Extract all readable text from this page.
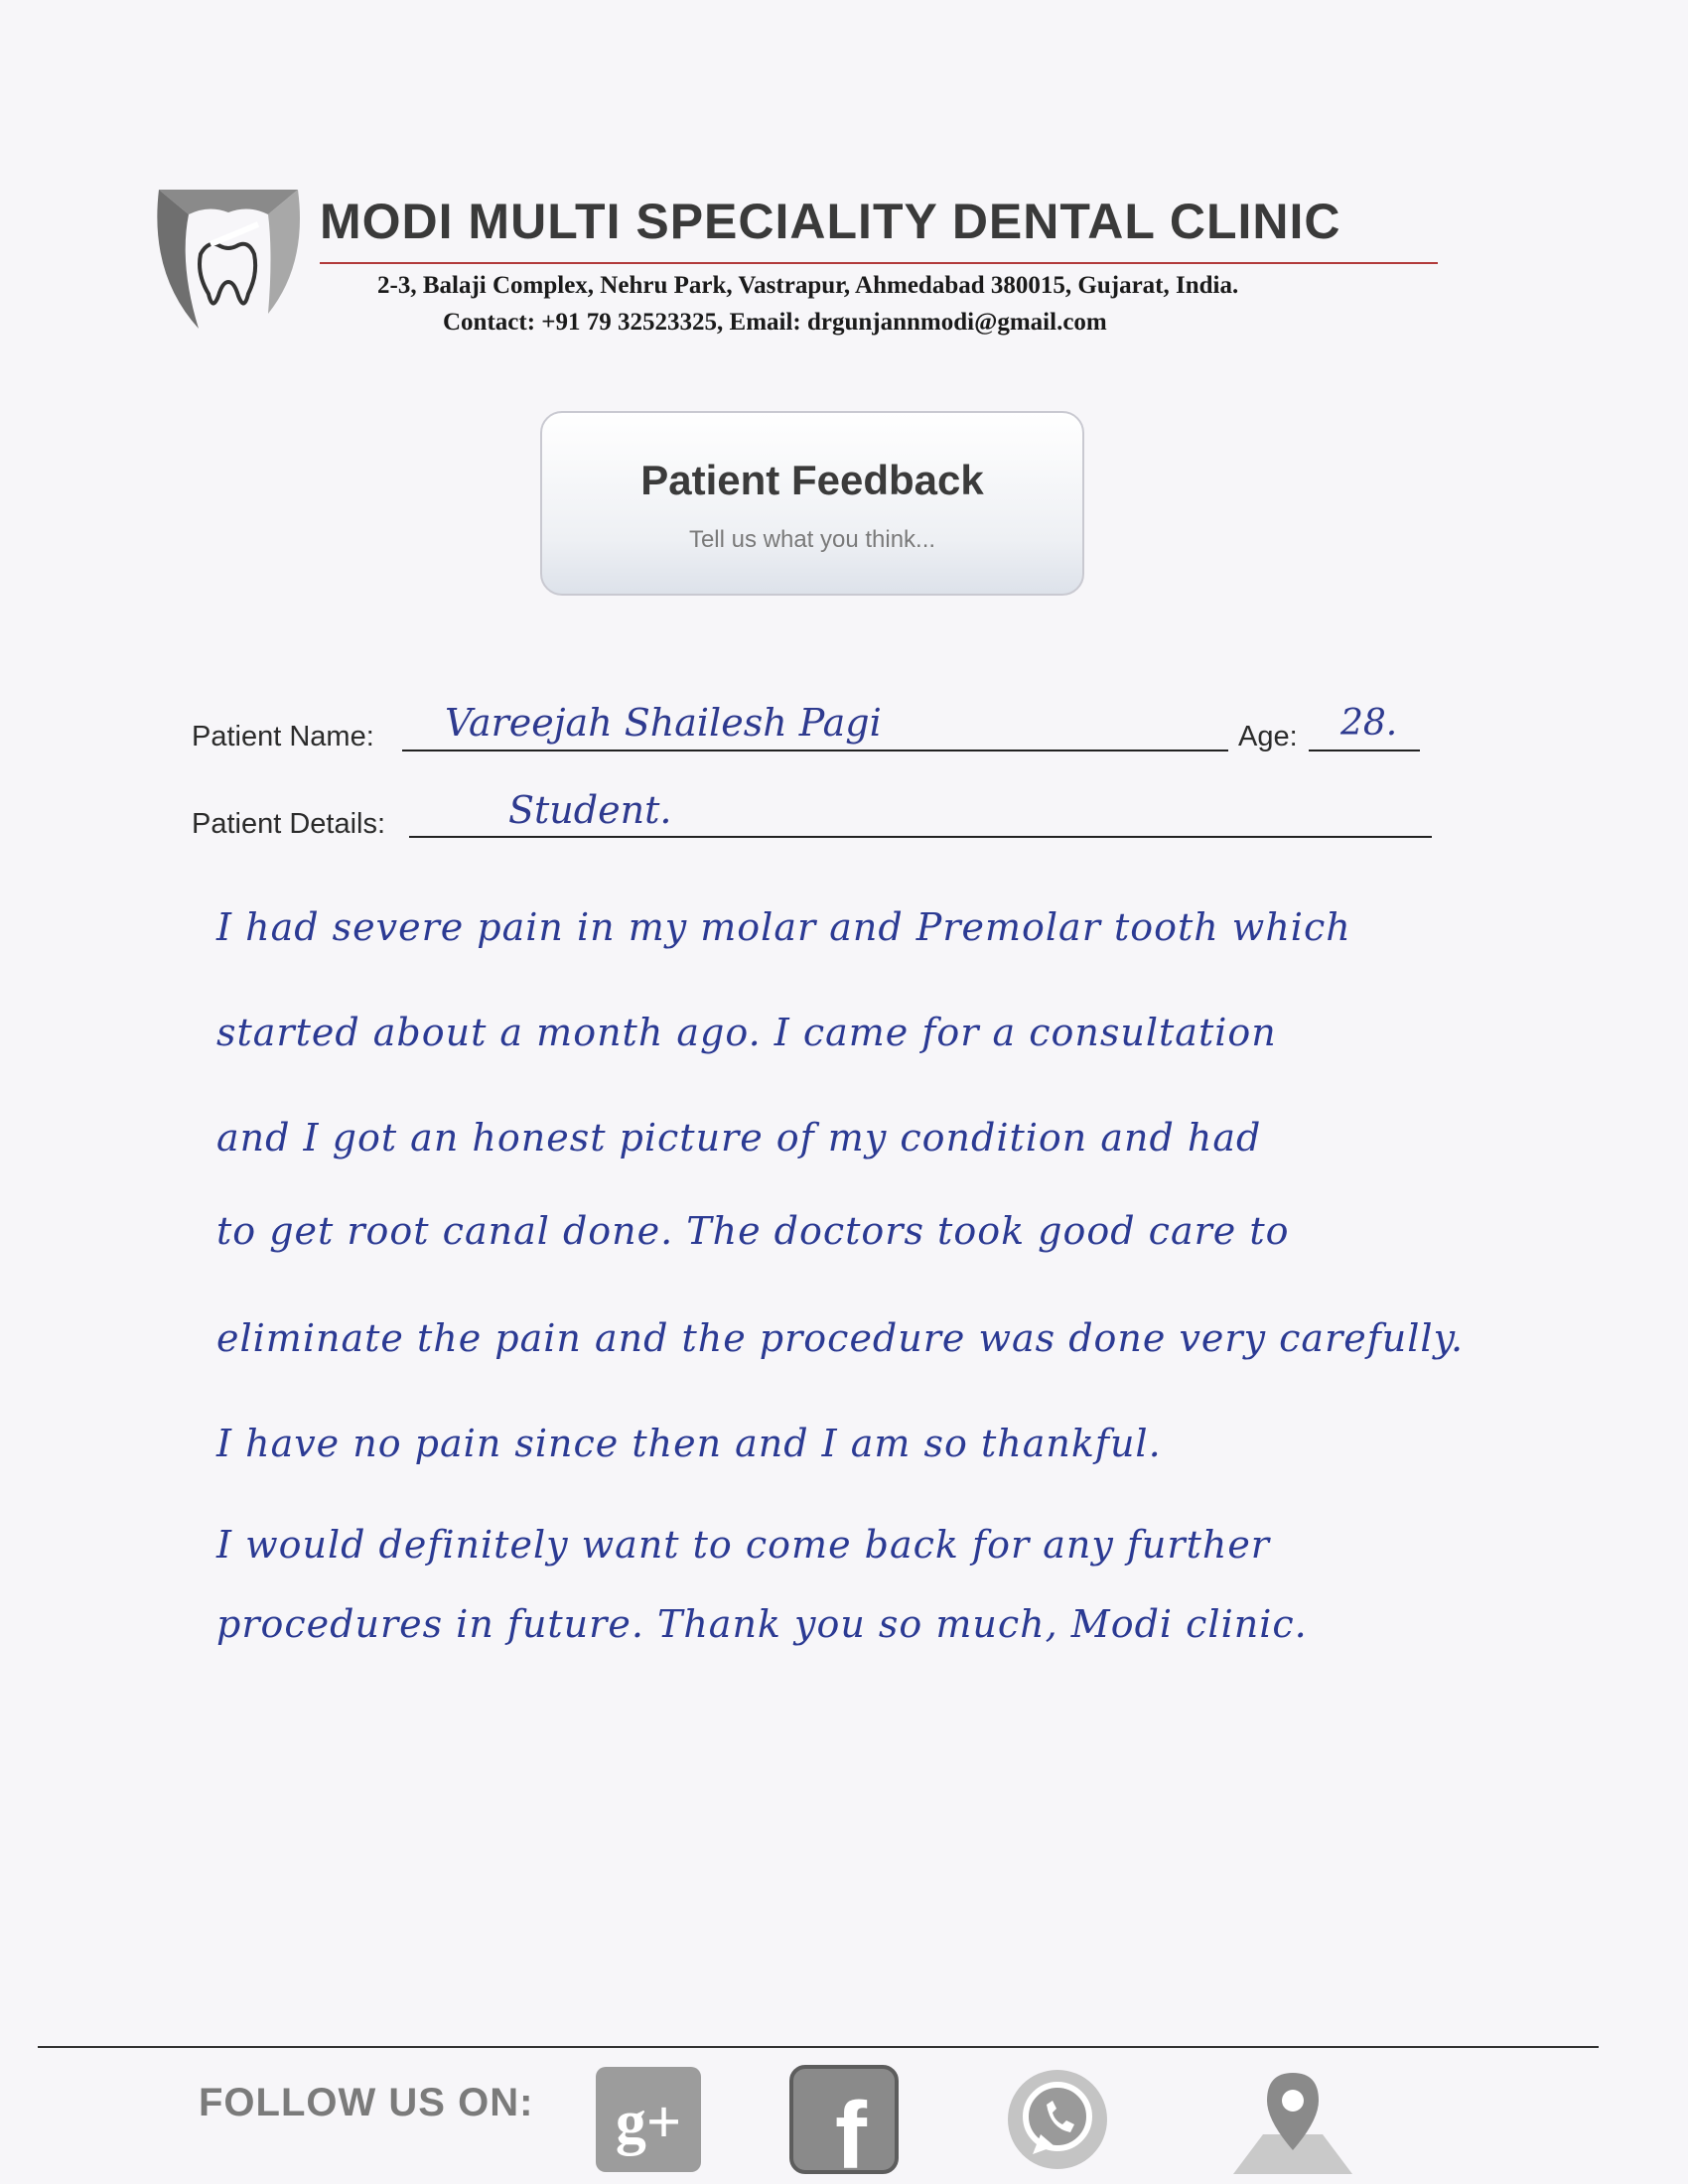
MODI MULTI SPECIALITY DENTAL CLINIC
2-3, Balaji Complex, Nehru Park, Vastrapur, Ahmedabad 380015, Gujarat, India.
Contact: +91 79 32523325, Email: drgunjannmodi@gmail.com
Patient Feedback
Tell us what you think...
Patient Name: Vareejah Shailesh Pagi	Age: 28.
Patient Details:	Student.
I had severe pain in my molar and Premolar tooth which
started about a month ago. I came for a consultation
and I got an honest picture of my condition and had
to get root canal done. The doctors took good care to
eliminate the pain and the procedure was done very carefully.
I have no pain since then and I am so thankful.
I would definitely want to come back for any further
procedures in future. Thank you so much, Modi clinic.
FOLLOW US ON: g+ f
